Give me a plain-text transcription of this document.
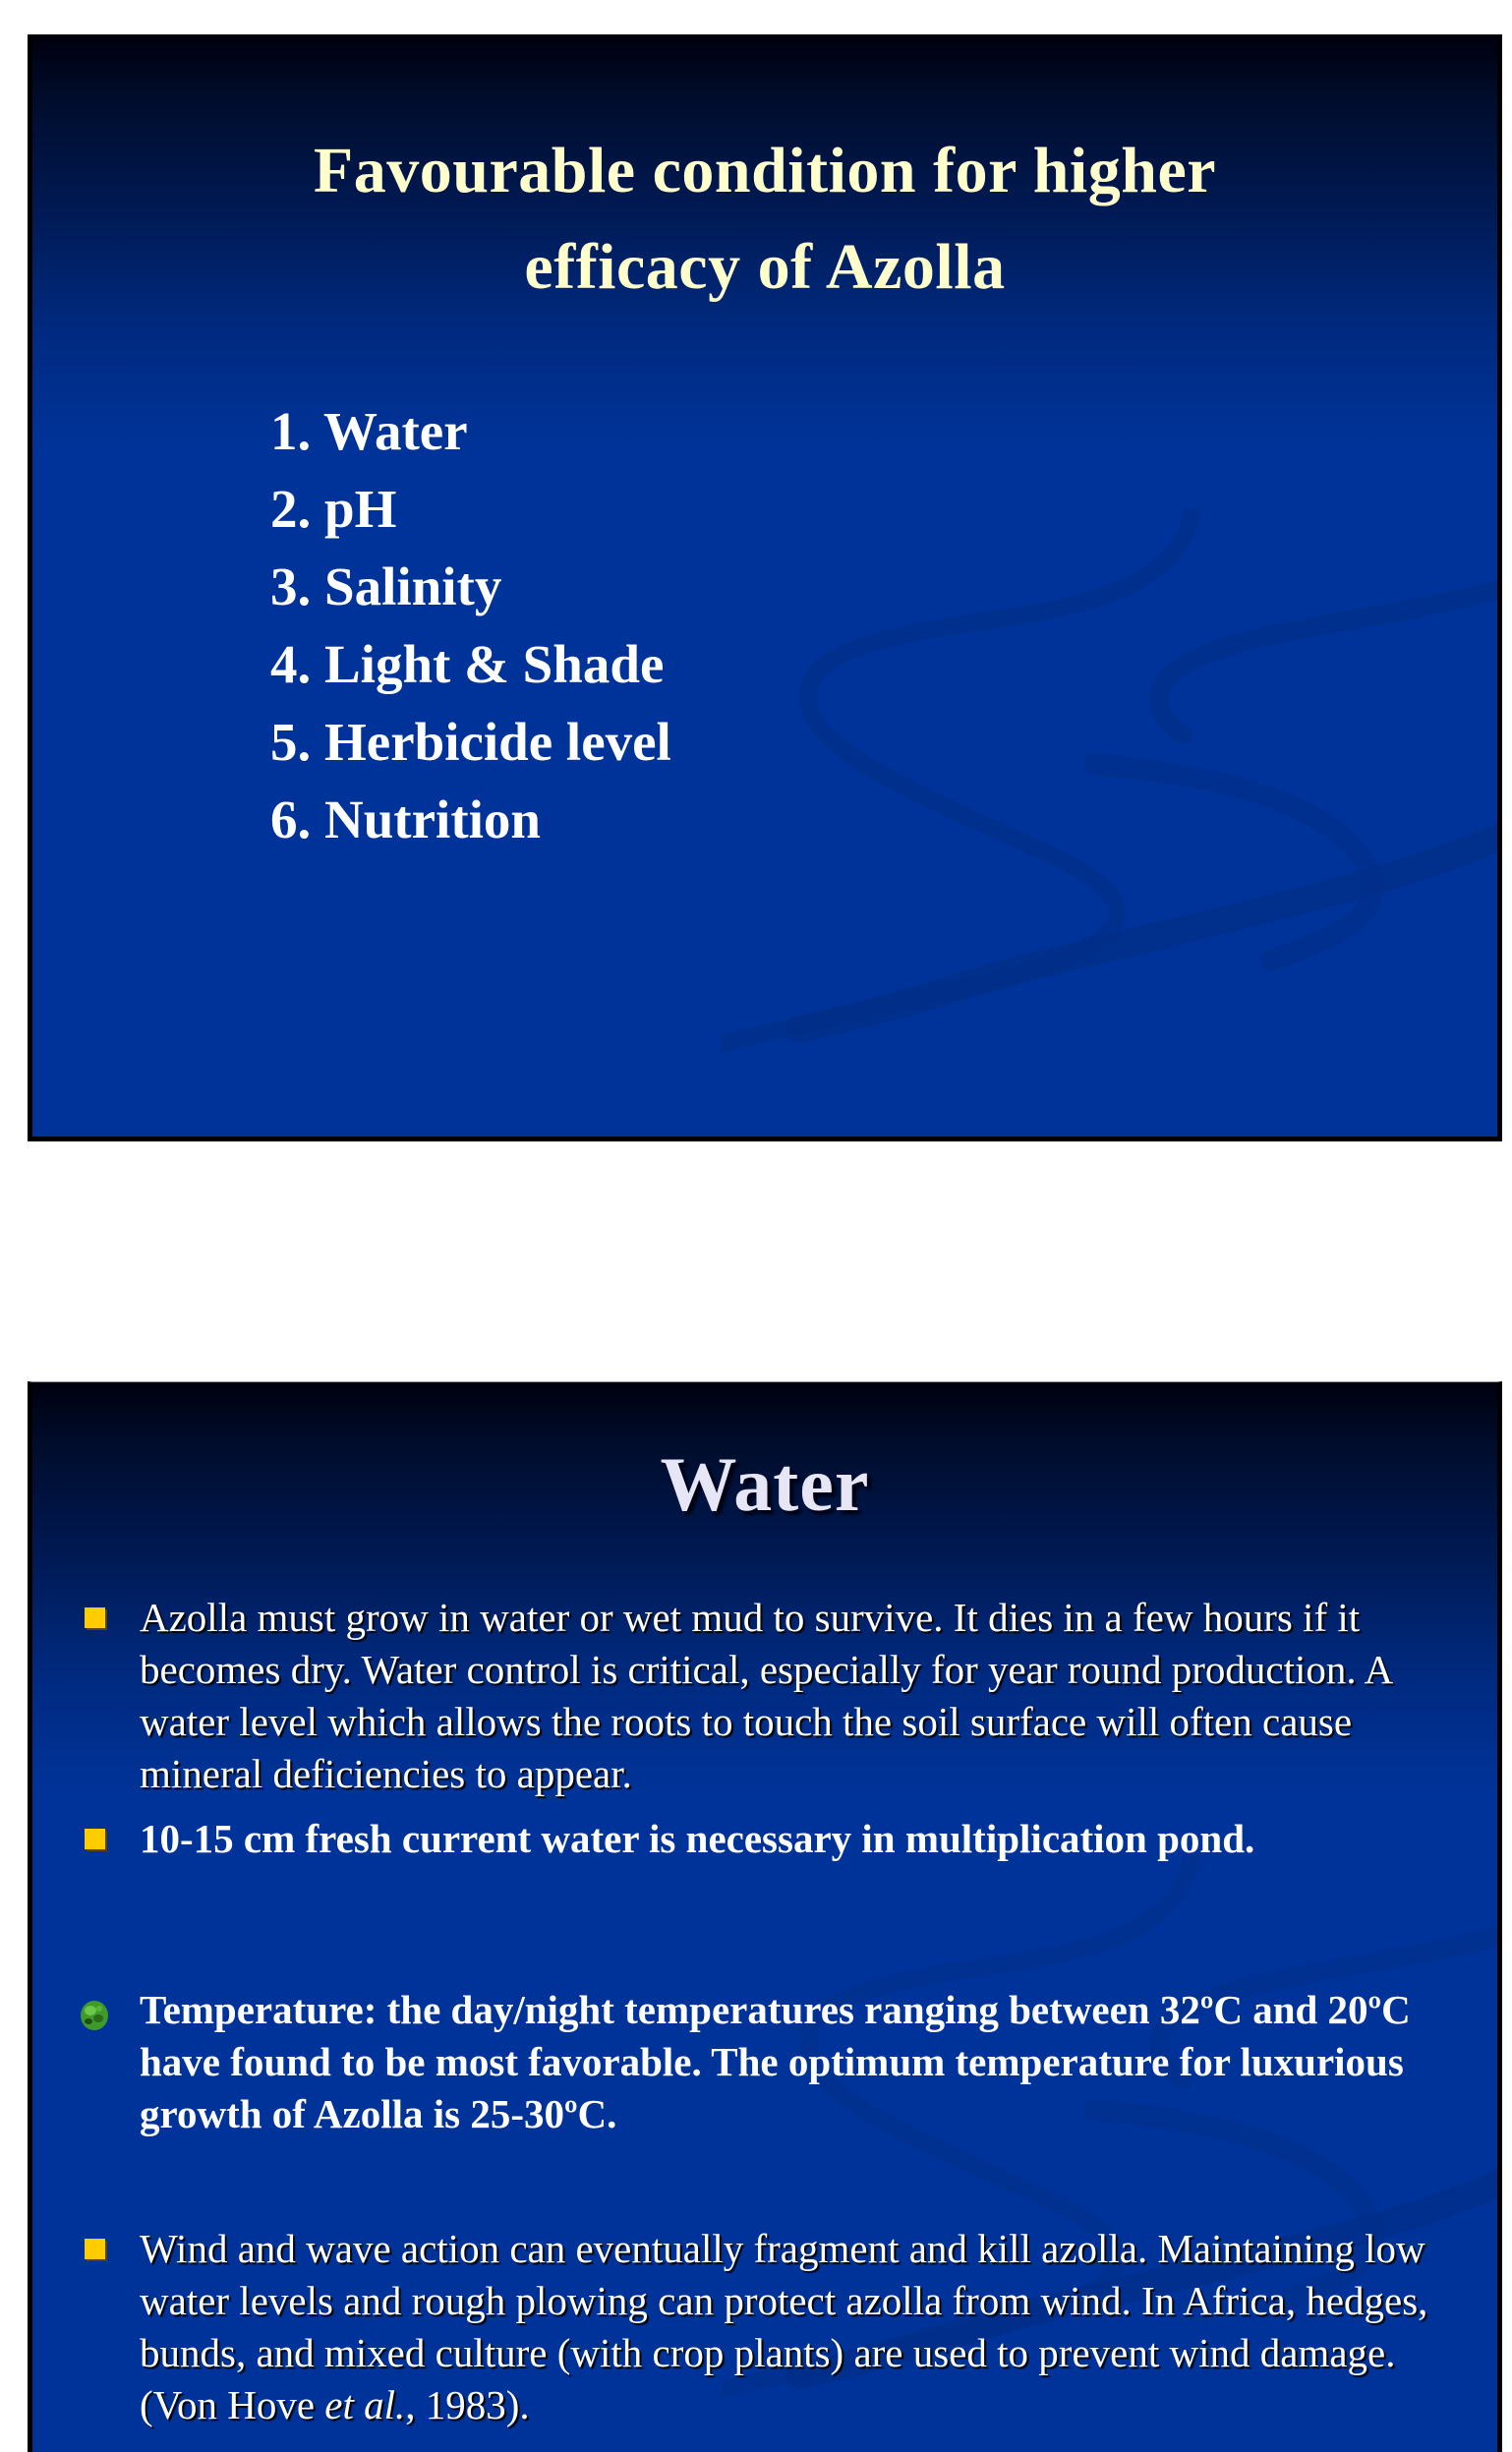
Favourable condition for higher
efficacy of Azolla
1. Water
2. pH
3. Salinity
4. Light & Shade
5. Herbicide level
6. Nutrition
Water
Azolla must grow in water or wet mud to survive. It dies in a few hours if it becomes dry. Water control is critical, especially for year round production. A water level which allows the roots to touch the soil surface will often cause mineral deficiencies to appear.
10-15 cm fresh current water is necessary in multiplication pond.
Temperature: the day/night temperatures ranging between 32ºC and 20ºC have found to be most favorable. The optimum temperature for luxurious growth of Azolla is 25-30ºC.
Wind and wave action can eventually fragment and kill azolla. Maintaining low water levels and rough plowing can protect azolla from wind. In Africa, hedges, bunds, and mixed culture (with crop plants) are used to prevent wind damage. (Von Hove et al., 1983).
